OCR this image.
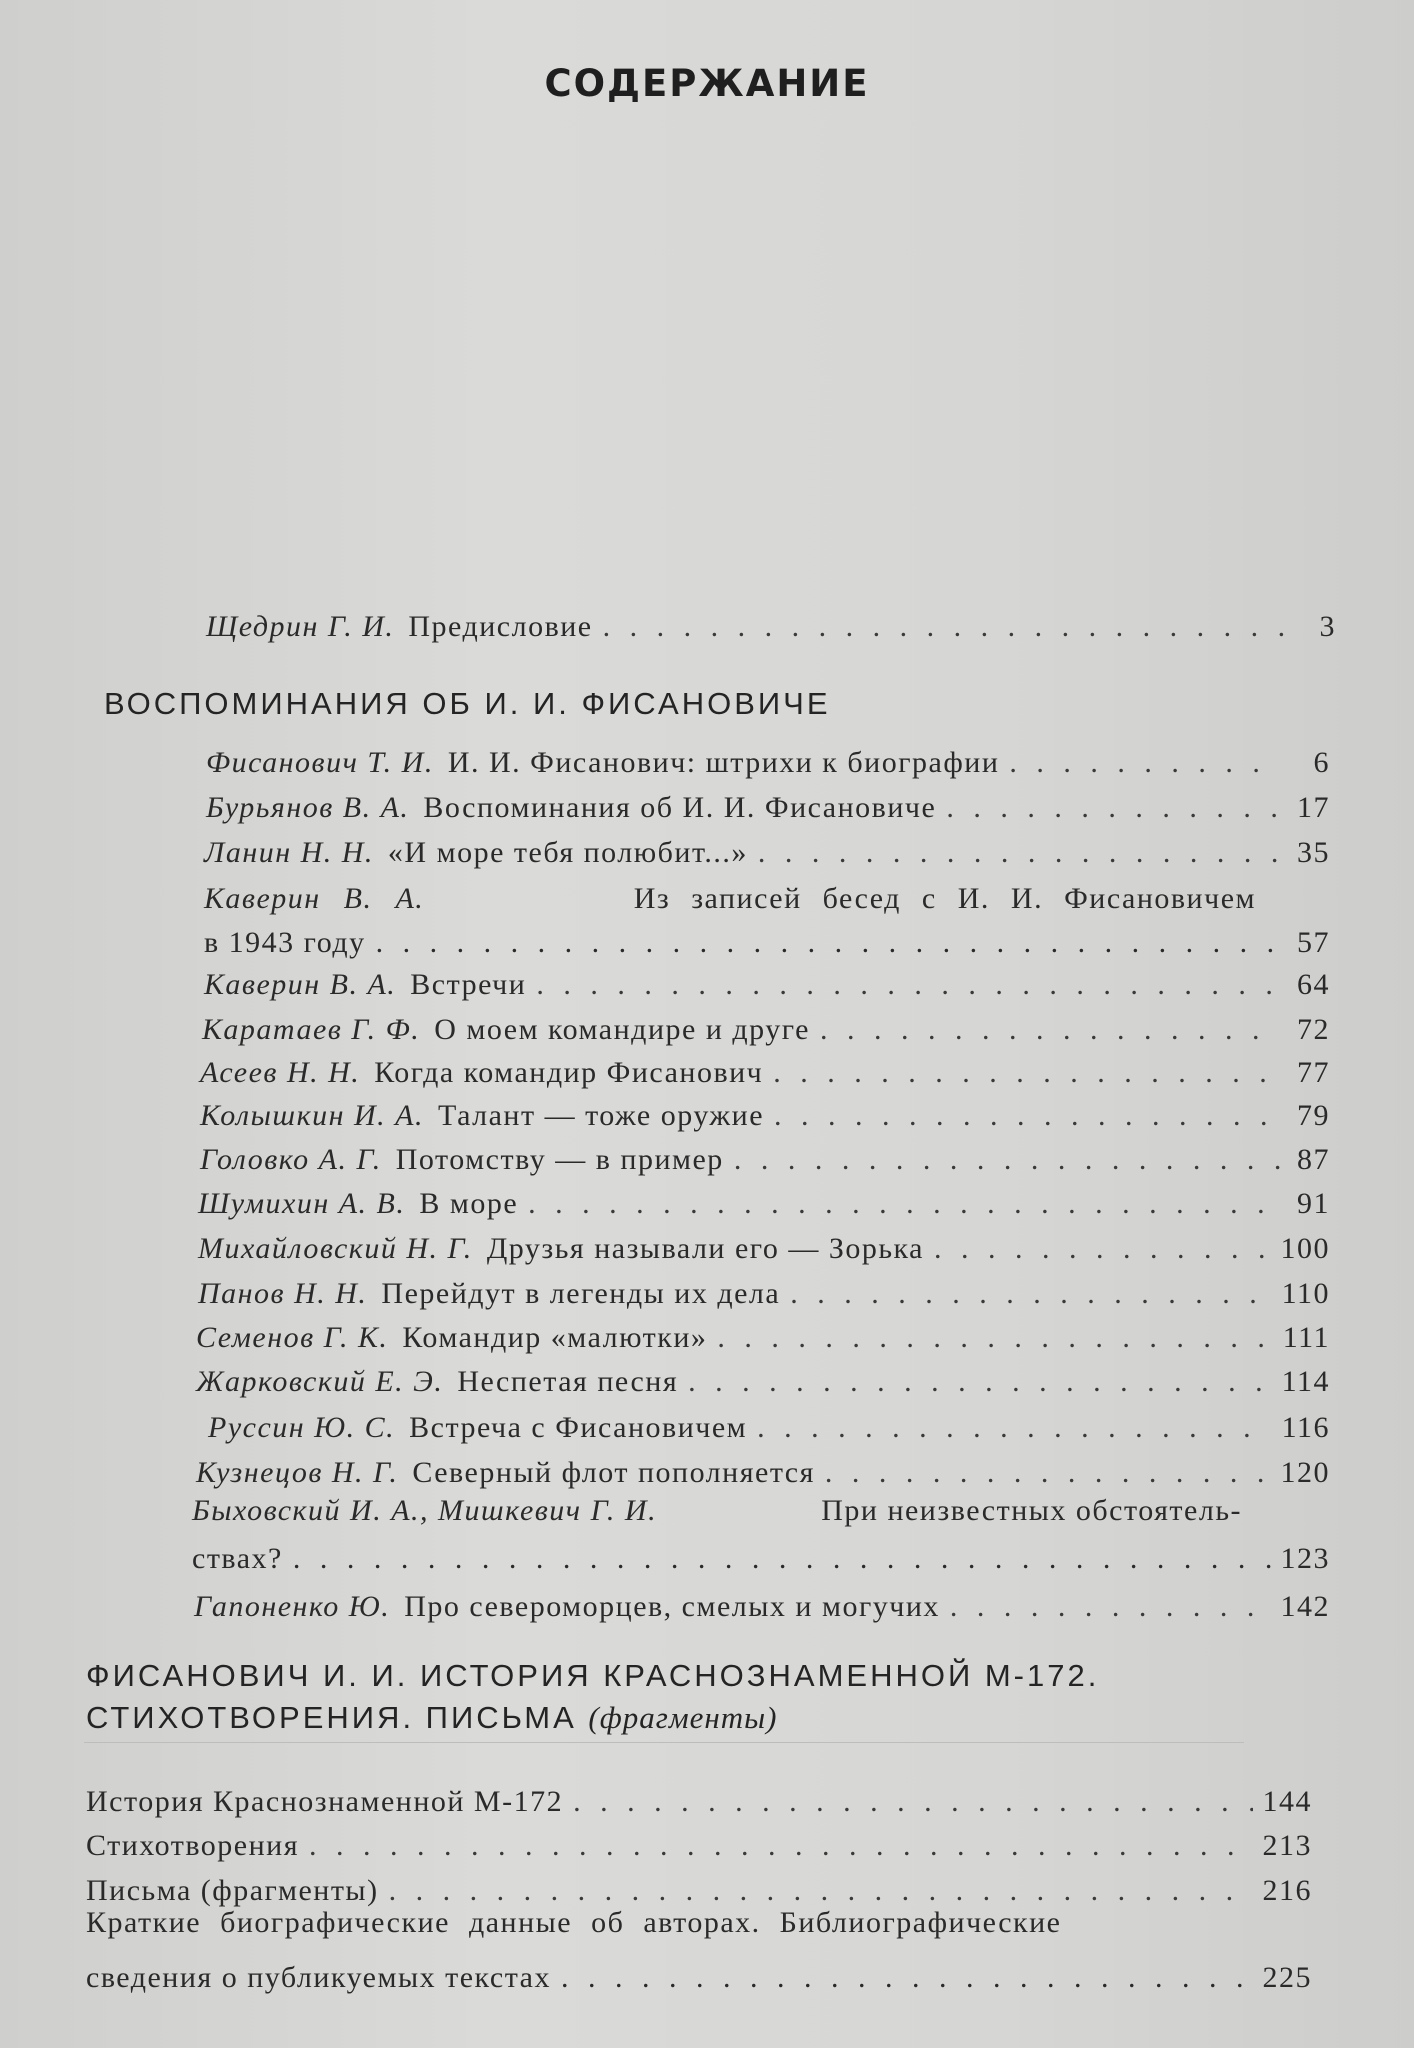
СОДЕРЖАНИЕ
Щедрин Г. И. Предисловие . . .	3
ВОСПОМИНАНИЯ ОБ И. И. ФИСАНОВИЧЕ
Фисанович Т. И. И. И. Фисанович: штрихи к биографии . . .	6
Бурьянов В. А. Воспоминания об И. И. Фисановиче . . .	17
Ланин Н. Н. «И море тебя полюбит...» . . .	35
Каверин В. А.	Из записей бесед с И. И. Фисановичем
в 1943 году . . .	57
Каверин В. А. Встречи . . .	64
Каратаев Г. Ф. О моем командире и друге . . .	72
Асеев Н. Н. Когда командир Фисанович . . .	77
Колышкин И. А. Талант — тоже оружие . . .	79
Головко А. Г. Потомству — в пример . . .	87
Шумихин А. В. В море . . .	91
Михайловский Н. Г. Друзья называли его — Зорька . . .	100
Панов Н. Н. Перейдут в легенды их дела . . .	110
Семенов Г. К. Командир «малютки» . . .	111
Жарковский Е. Э. Неспетая песня . . .	114
Руссин Ю. С. Встреча с Фисановичем . . .	116
Кузнецов Н. Г. Северный флот пополняется . . .	120
Быховский И. А., Мишкевич Г. И.	При неизвестных обстоятель-
ствах? . . .	123
Гапоненко Ю. Про североморцев, смелых и могучих . . .	142
ФИСАНОВИЧ И. И. ИСТОРИЯ КРАСНОЗНАМЕННОЙ М-172.
СТИХОТВОРЕНИЯ. ПИСЬМА (фрагменты)
История Краснознаменной М-172 . . .	144
Стихотворения . . .	213
Письма (фрагменты) . . .	216
Краткие биографические данные об авторах. Библиографические
сведения о публикуемых текстах . . .	225
